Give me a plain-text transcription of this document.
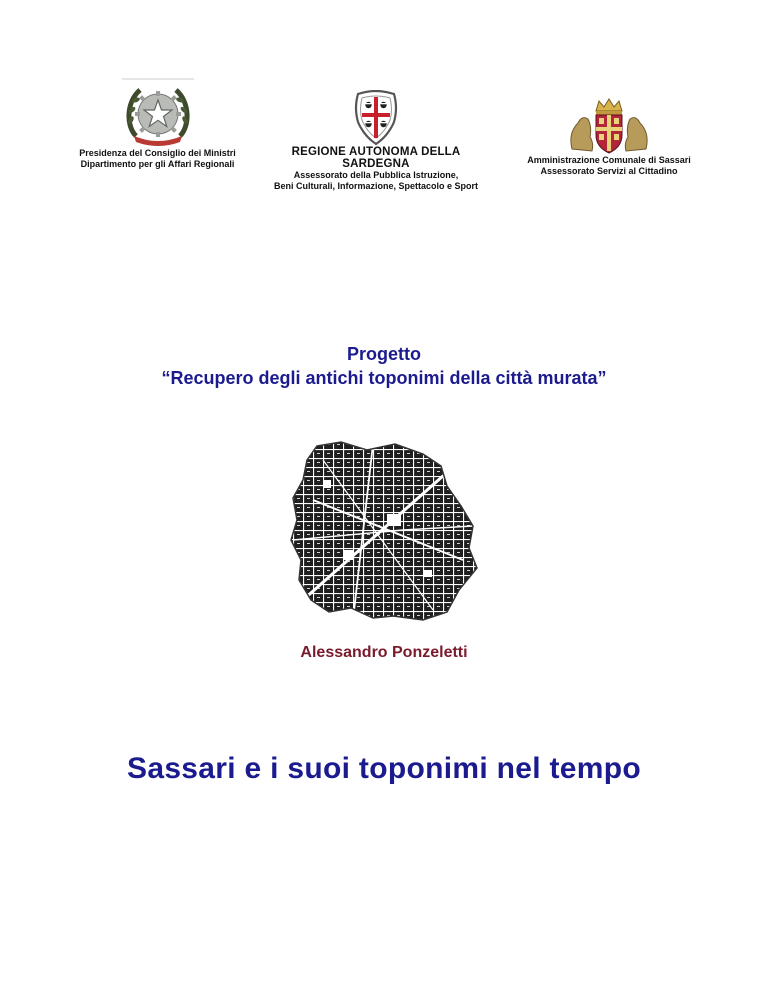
Presidenza del Consiglio dei Ministri
Dipartimento per gli Affari Regionali
REGIONE AUTONOMA DELLA SARDEGNA
Assessorato della Pubblica Istruzione,
Beni Culturali, Informazione, Spettacolo e Sport
Amministrazione Comunale di Sassari
Assessorato Servizi al Cittadino
Progetto
“Recupero degli antichi toponimi della città murata”
Alessandro Ponzeletti
Sassari e i suoi toponimi nel tempo
